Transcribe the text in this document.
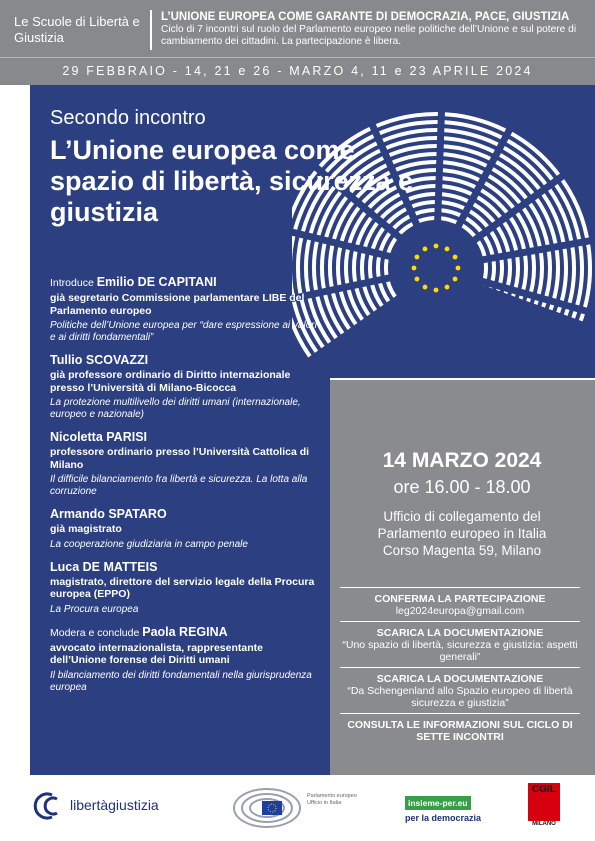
Le Scuole di Libertà e Giustizia
L’UNIONE EUROPEA COME GARANTE DI DEMOCRAZIA, PACE, GIUSTIZIA
Ciclo di 7 incontri sul ruolo del Parlamento europeo nelle politiche dell’Unione e sul potere di cambiamento dei cittadini. La partecipazione è libera.
29 FEBBRAIO - 14, 21 e 26 - MARZO 4, 11 e 23 APRILE 2024
Secondo incontro
L’Unione europea come spazio di libertà, sicurezza e giustizia
Introduce Emilio DE CAPITANI
già segretario Commissione parlamentare LIBE del Parlamento europeo
Politiche dell’Unione europea per “dare espressione ai valori e ai diritti fondamentali”
Tullio SCOVAZZI
già professore ordinario di Diritto internazionale presso l’Università di Milano-Bicocca
La protezione multilivello dei diritti umani (internazionale, europeo e nazionale)
Nicoletta PARISI
professore ordinario presso l’Università Cattolica di Milano
Il difficile bilanciamento fra libertà e sicurezza. La lotta alla corruzione
Armando SPATARO
già magistrato
La cooperazione giudiziaria in campo penale
Luca DE MATTEIS
magistrato, direttore del servizio legale della Procura europea (EPPO)
La Procura europea
Modera e conclude Paola REGINA
avvocato internazionalista, rappresentante dell’Unione forense dei Diritti umani
Il bilanciamento dei diritti fondamentali nella giurisprudenza europea
14 MARZO 2024
ore 16.00 - 18.00
Ufficio di collegamento del
Parlamento europeo in Italia
Corso Magenta 59, Milano
CONFERMA LA PARTECIPAZIONE
leg2024europa@gmail.com
SCARICA LA DOCUMENTAZIONE
“Uno spazio di libertà, sicurezza e giustizia: aspetti generali”
SCARICA LA DOCUMENTAZIONE
“Da Schengenland allo Spazio europeo di libertà sicurezza e giustizia”
CONSULTA LE INFORMAZIONI SUL CICLO DI SETTE INCONTRI
libertàgiustizia
Parlamento europeo
Ufficio in Italia	insieme-per.eu
per la democrazia
CGIL
MILANO
